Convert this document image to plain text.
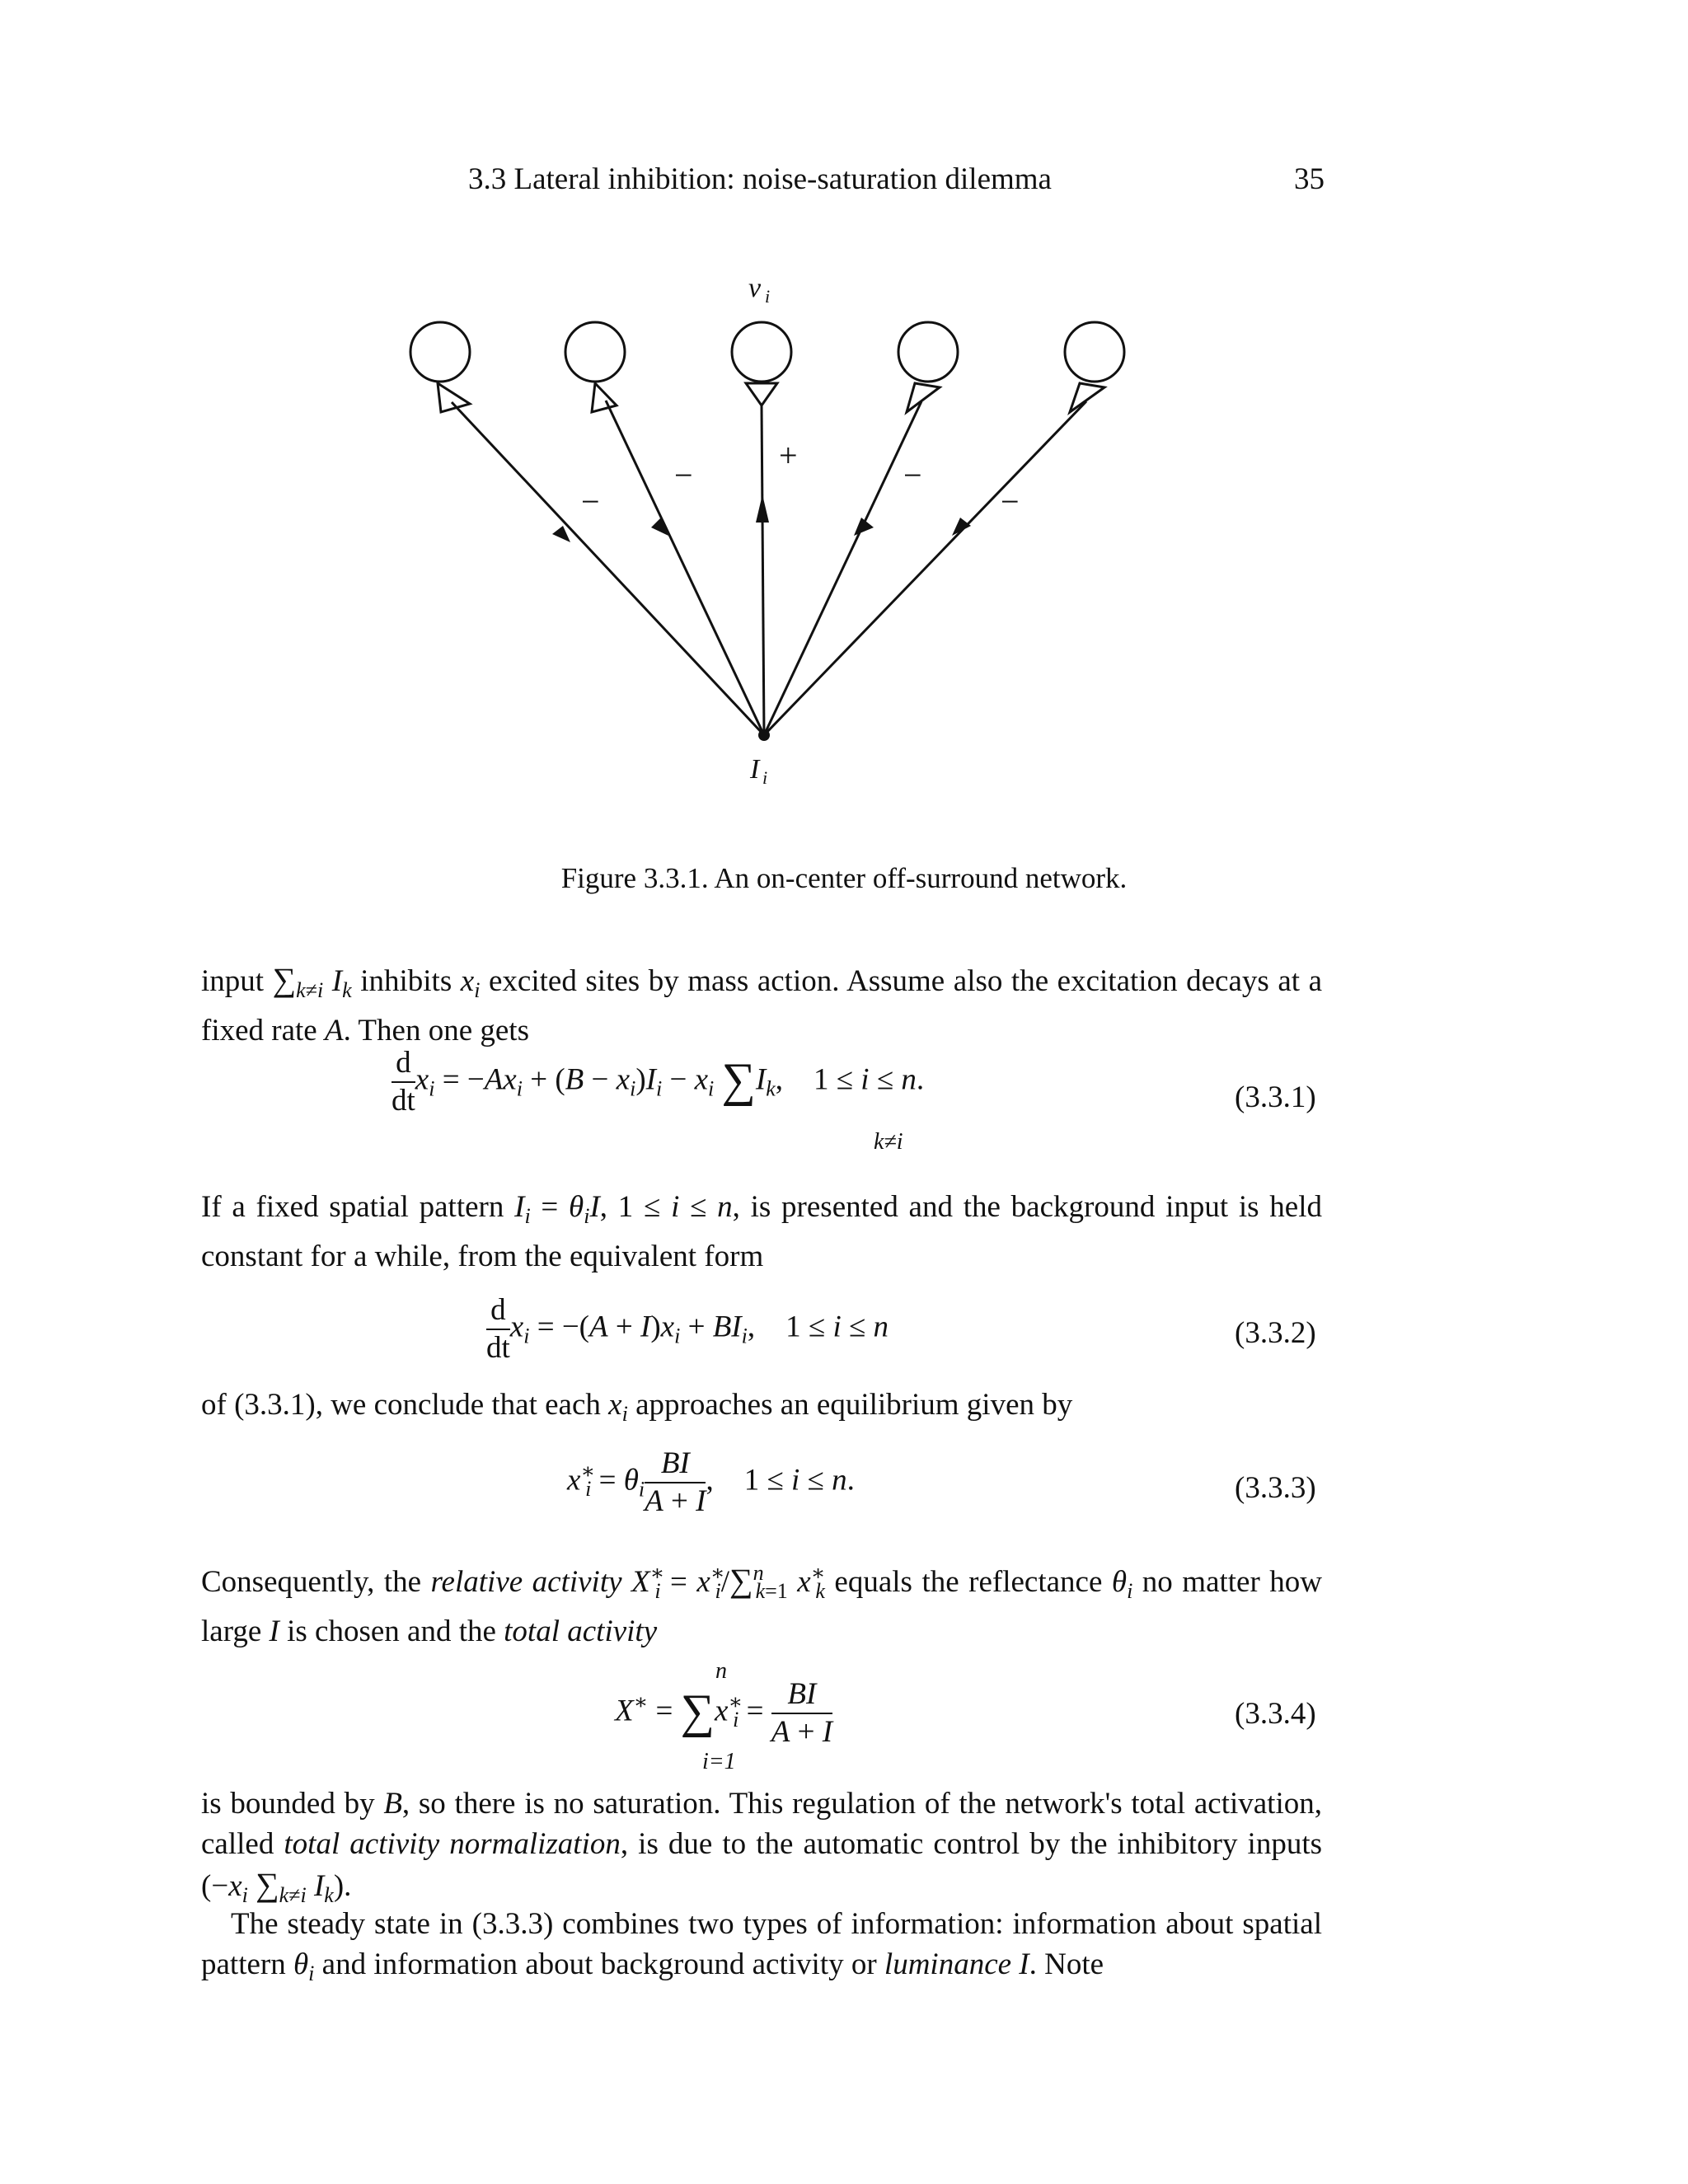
3.3 Lateral inhibition: noise-saturation dilemma	35
+
−	−
−	−
v i
I i
Figure 3.3.1. An on-center off-surround network.
input $\sum_{k\ne i}$ $I_k$ inhibits $x_i$ excited sites by mass action. Assume also the excitation decays at a fixed rate A. Then one gets
$\frac{d}{dt} x_i = -Ax_i + (B - x_i)I_i - x_i$ $\sum I_k$,    1 ≤ i ≤ n.
k≠i
(3.3.1)
If a fixed spatial pattern $I_i = \theta_iI$, 1 ≤ i ≤ n, is presented and the background input is held constant for a while, from the equivalent form
$\frac{d}{dt} x_i = -(A + I)x_i + BI_i$,    1 ≤ i ≤ n	(3.3.2)
of (3.3.1), we conclude that each $x_i$ approaches an equilibrium given by
$x^∗_i = \theta_i \frac{BI}{A + I}$ ,    1 ≤ i ≤ n.	(3.3.3)
Consequently, the relative activity $X^∗_i = x^∗_i/\sum^n_{k=1}$ $x^∗_k$ equals the reflectance $\theta_i$ no matter how large I is chosen and the total activity
$X^∗ = \sum x^∗_i = \frac{BI}{A + I}$
n
i=1
(3.3.4)
is bounded by B, so there is no saturation. This regulation of the network's total activation, called total activity normalization, is due to the automatic control by the inhibitory inputs ($-x_i$ $\sum_{k\ne i}$ $I_k$).
The steady state in (3.3.3) combines two types of information: information about spatial pattern $\theta_i$ and information about background activity or luminance I. Note
